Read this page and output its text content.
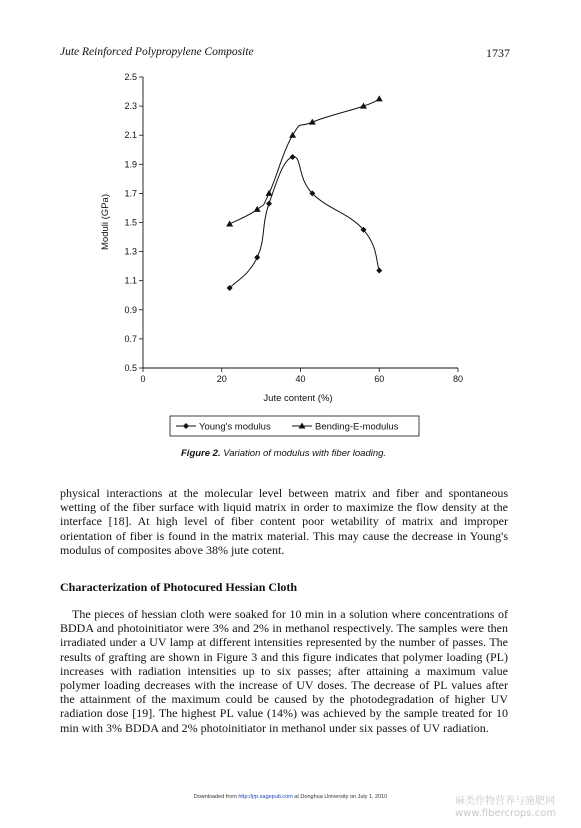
Jute Reinforced Polypropylene Composite	1737
0	20	40	60	80
0.5
0.7
0.9
1.1
1.3
1.5
1.7
1.9
2.1
2.3
2.5
Jute content (%)
Moduli (GPa)
Young's modulus	Bending-E-modulus
Figure 2. Variation of modulus with fiber loading.

physical interactions at the molecular level between matrix and fiber and spontaneous wetting of the fiber surface with liquid matrix in order to maximize the flow density at the interface [18]. At high level of fiber content poor wetability of matrix and improper orientation of fiber is found in the matrix material. This may cause the decrease in Young's modulus of composites above 38% jute cotent.

Characterization of Photocured Hessian Cloth

The pieces of hessian cloth were soaked for 10 min in a solution where concentrations of BDDA and photoinitiator were 3% and 2% in methanol respectively. The samples were then irradiated under a UV lamp at different intensities represented by the number of passes. The results of grafting are shown in Figure 3 and this figure indicates that polymer loading (PL) increases with radiation intensities up to six passes; after attaining a maximum value polymer loading decreases with the increase of UV doses. The decrease of PL values after the attainment of the maximum could be caused by the photodegradation of higher UV radiation dose [19]. The highest PL value (14%) was achieved by the sample treated for 10 min with 3% BDDA and 2% photoinitiator in methanol under six passes of UV radiation.

Downloaded from http://jrp.sagepub.com at Donghua University on July 1, 2010	麻类作物营养与施肥网
www.fibercrops.com
